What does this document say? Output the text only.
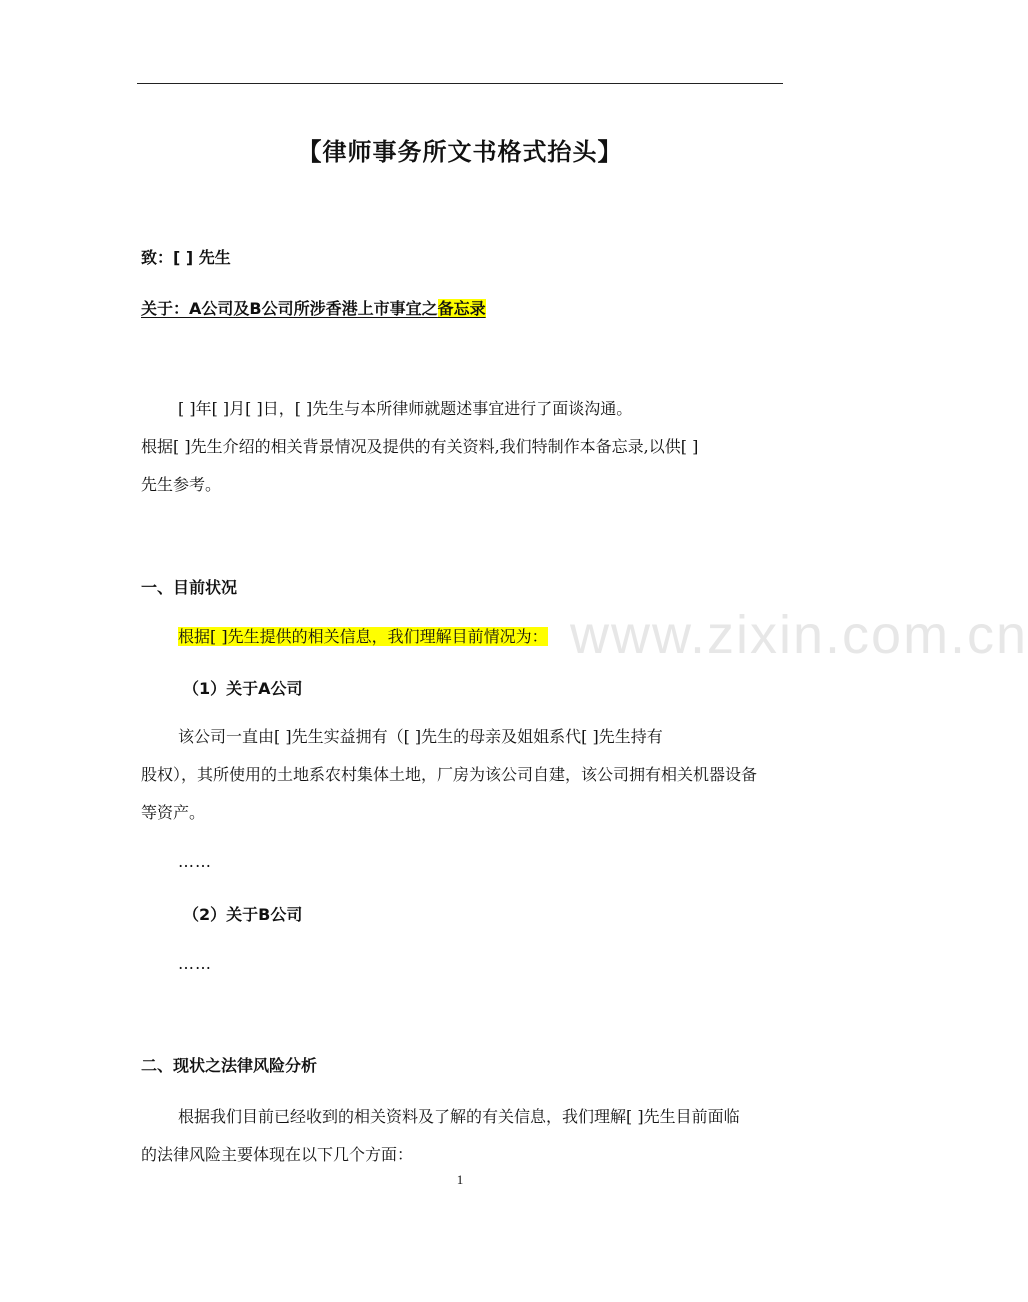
【律师事务所文书格式抬头】
致：[ ] 先生
关于：A公司及B公司所涉香港上市事宜之备忘录
[ ]年[ ]月[ ]日，[ ]先生与本所律师就题述事宜进行了面谈沟通。
根据[ ]先生介绍的相关背景情况及提供的有关资料,我们特制作本备忘录,以供[ ]
先生参考。
一、目前状况
根据[ ]先生提供的相关信息，我们理解目前情况为：
（1）关于A公司
该公司一直由[ ]先生实益拥有（[ ]先生的母亲及姐姐系代[ ]先生持有
股权），其所使用的土地系农村集体土地，厂房为该公司自建，该公司拥有相关机器设备
等资产。
……
（2）关于B公司
……
二、现状之法律风险分析
根据我们目前已经收到的相关资料及了解的有关信息，我们理解[ ]先生目前面临
的法律风险主要体现在以下几个方面：
www.zixin.com.cn
1
